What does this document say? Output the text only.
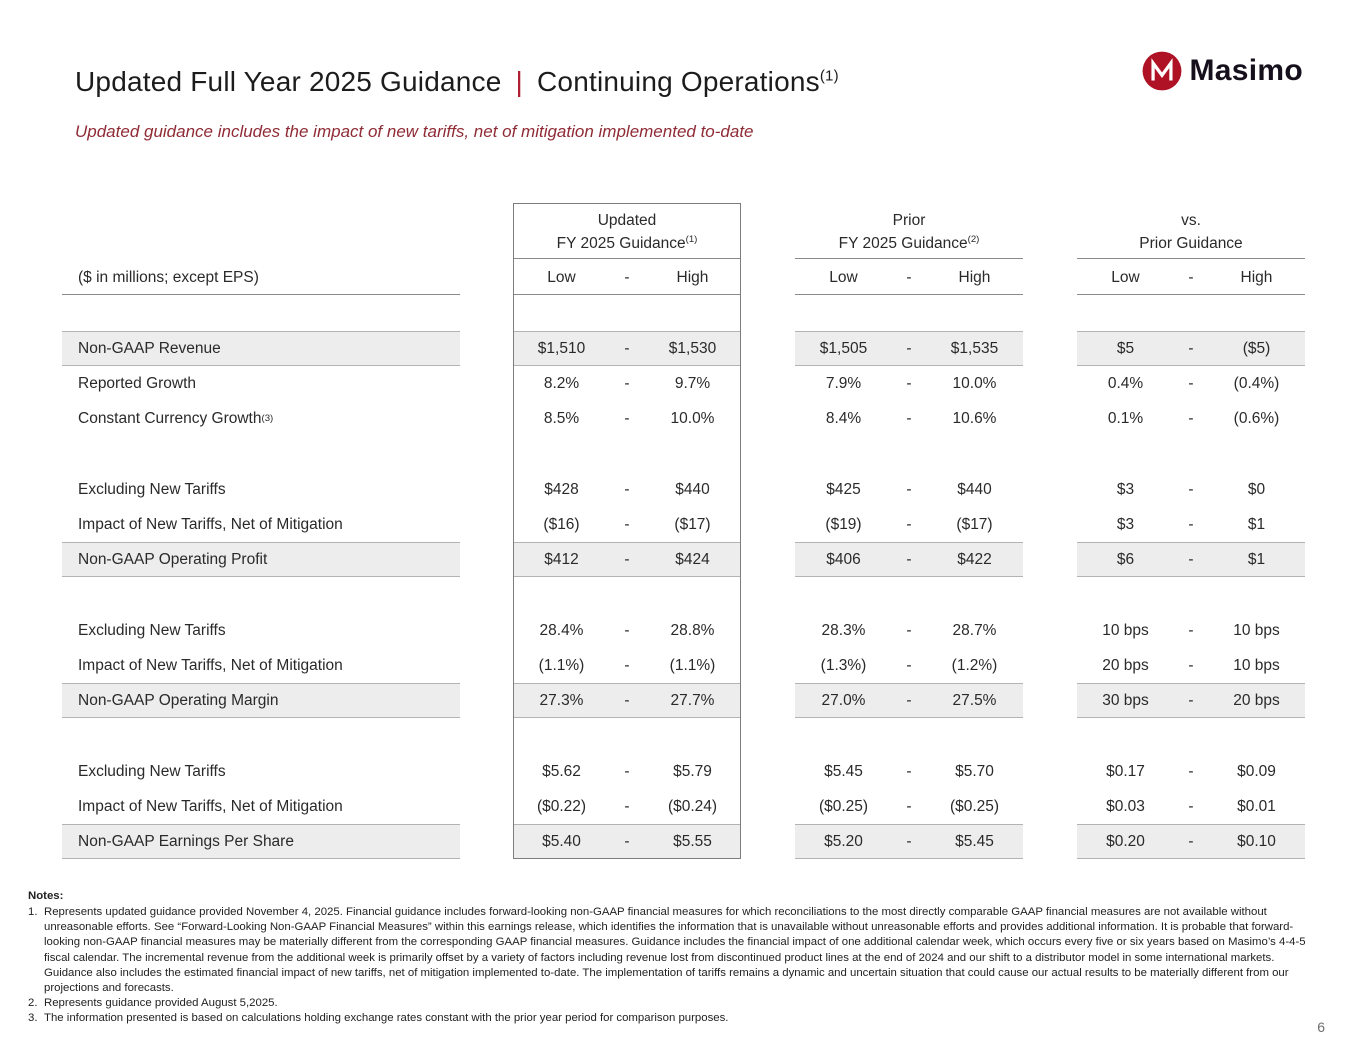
Masimo
Updated Full Year 2025 Guidance | Continuing Operations$^{(1)}$
Updated guidance includes the impact of new tariffs, net of mitigation implemented to-date
Updated
FY 2025 Guidance$^{(1)}$
Prior
FY 2025 Guidance$^{(2)}$
vs.
Prior Guidance
($ in millions; except EPS)	Low	-	High	Low	-	High	Low	-	High
Non-GAAP Revenue	$1,510	-	$1,530	$1,505	-	$1,535	$5	-	($5)
Reported Growth	8.2%	-	9.7%	7.9%	-	10.0%	0.4%	-	(0.4%)
Constant Currency Growth (3)	8.5%	-	10.0%	8.4%	-	10.6%	0.1%	-	(0.6%)
Excluding New Tariffs	$428	-	$440	$425	-	$440	$3	-	$0
Impact of New Tariffs, Net of Mitigation	($16)	-	($17)	($19)	-	($17)	$3	-	$1
Non-GAAP Operating Profit	$412	-	$424	$406	-	$422	$6	-	$1
Excluding New Tariffs	28.4%	-	28.8%	28.3%	-	28.7%	10 bps	-	10 bps
Impact of New Tariffs, Net of Mitigation	(1.1%)	-	(1.1%)	(1.3%)	-	(1.2%)	20 bps	-	10 bps
Non-GAAP Operating Margin	27.3%	-	27.7%	27.0%	-	27.5%	30 bps	-	20 bps
Excluding New Tariffs	$5.62	-	$5.79	$5.45	-	$5.70	$0.17	-	$0.09
Impact of New Tariffs, Net of Mitigation	($0.22)	-	($0.24)	($0.25)	-	($0.25)	$0.03	-	$0.01
Non-GAAP Earnings Per Share	$5.40	-	$5.55	$5.20	-	$5.45	$0.20	-	$0.10
Notes:
1. Represents updated guidance provided November 4, 2025. Financial guidance includes forward-looking non-GAAP financial measures for which reconciliations to the most directly comparable GAAP financial measures are not available without unreasonable efforts. See “Forward-Looking Non-GAAP Financial Measures” within this earnings release, which identifies the information that is unavailable without unreasonable efforts and provides additional information. It is probable that forward-looking non-GAAP financial measures may be materially different from the corresponding GAAP financial measures. Guidance includes the financial impact of one additional calendar week, which occurs every five or six years based on Masimo’s 4-4-5 fiscal calendar. The incremental revenue from the additional week is primarily offset by a variety of factors including revenue lost from discontinued product lines at the end of 2024 and our shift to a distributor model in some international markets. Guidance also includes the estimated financial impact of new tariffs, net of mitigation implemented to-date. The implementation of tariffs remains a dynamic and uncertain situation that could cause our actual results to be materially different from our projections and forecasts.
2. Represents guidance provided August 5,2025.
3. The information presented is based on calculations holding exchange rates constant with the prior year period for comparison purposes.
6
